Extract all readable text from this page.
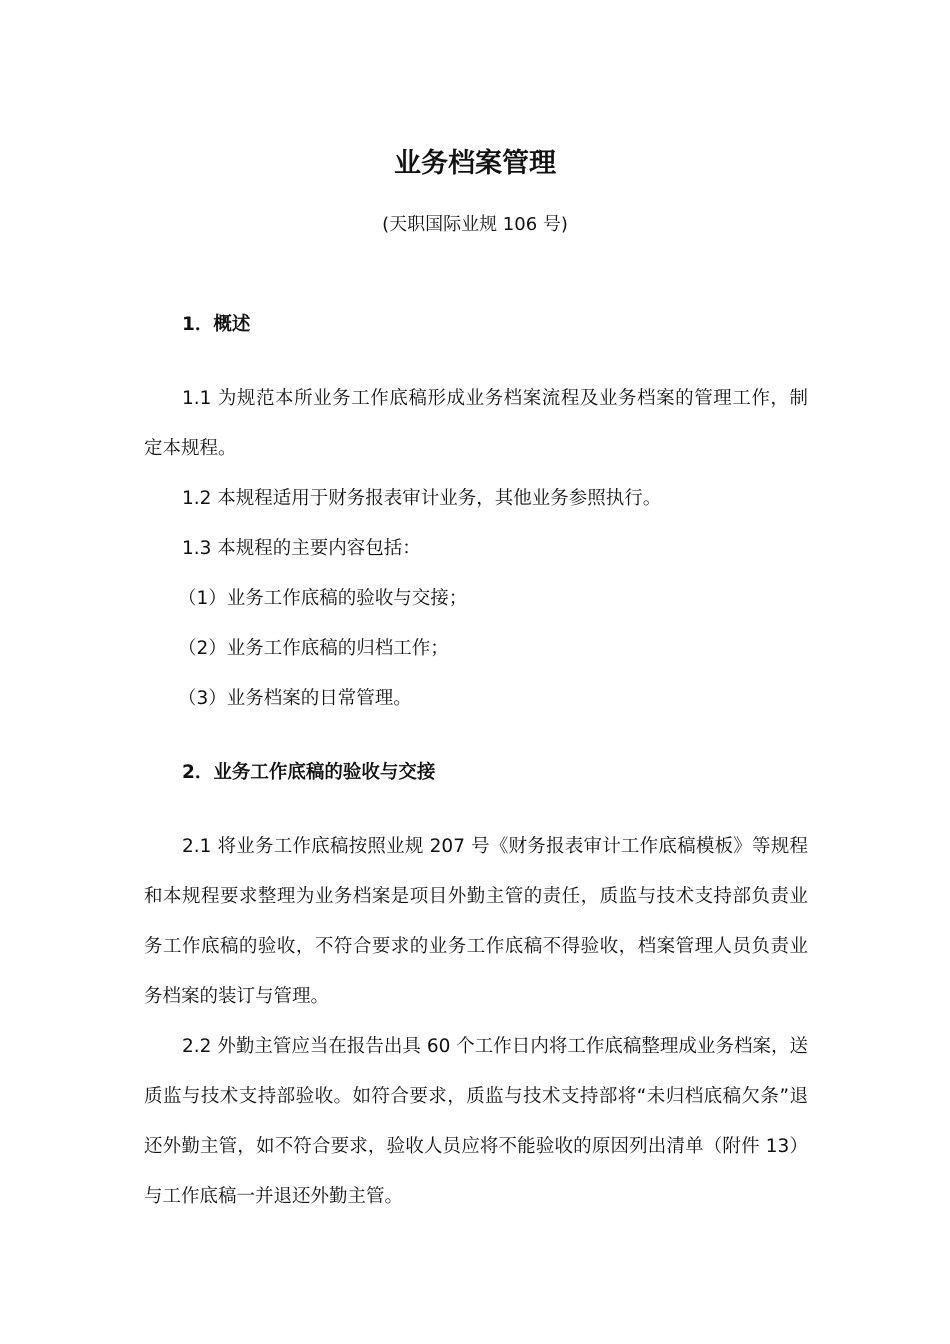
业务档案管理

(天职国际业规 106 号)

1．概述

1.1 为规范本所业务工作底稿形成业务档案流程及业务档案的管理工作，制定本规程。

1.2 本规程适用于财务报表审计业务，其他业务参照执行。

1.3 本规程的主要内容包括：

（1）业务工作底稿的验收与交接；

（2）业务工作底稿的归档工作；

（3）业务档案的日常管理。

2．业务工作底稿的验收与交接

2.1 将业务工作底稿按照业规 207 号《财务报表审计工作底稿模板》等规程和本规程要求整理为业务档案是项目外勤主管的责任，质监与技术支持部负责业务工作底稿的验收，不符合要求的业务工作底稿不得验收，档案管理人员负责业务档案的装订与管理。

2.2 外勤主管应当在报告出具 60 个工作日内将工作底稿整理成业务档案，送质监与技术支持部验收。如符合要求，质监与技术支持部将“未归档底稿欠条”退还外勤主管，如不符合要求，验收人员应将不能验收的原因列出清单（附件 13）与工作底稿一并退还外勤主管。
